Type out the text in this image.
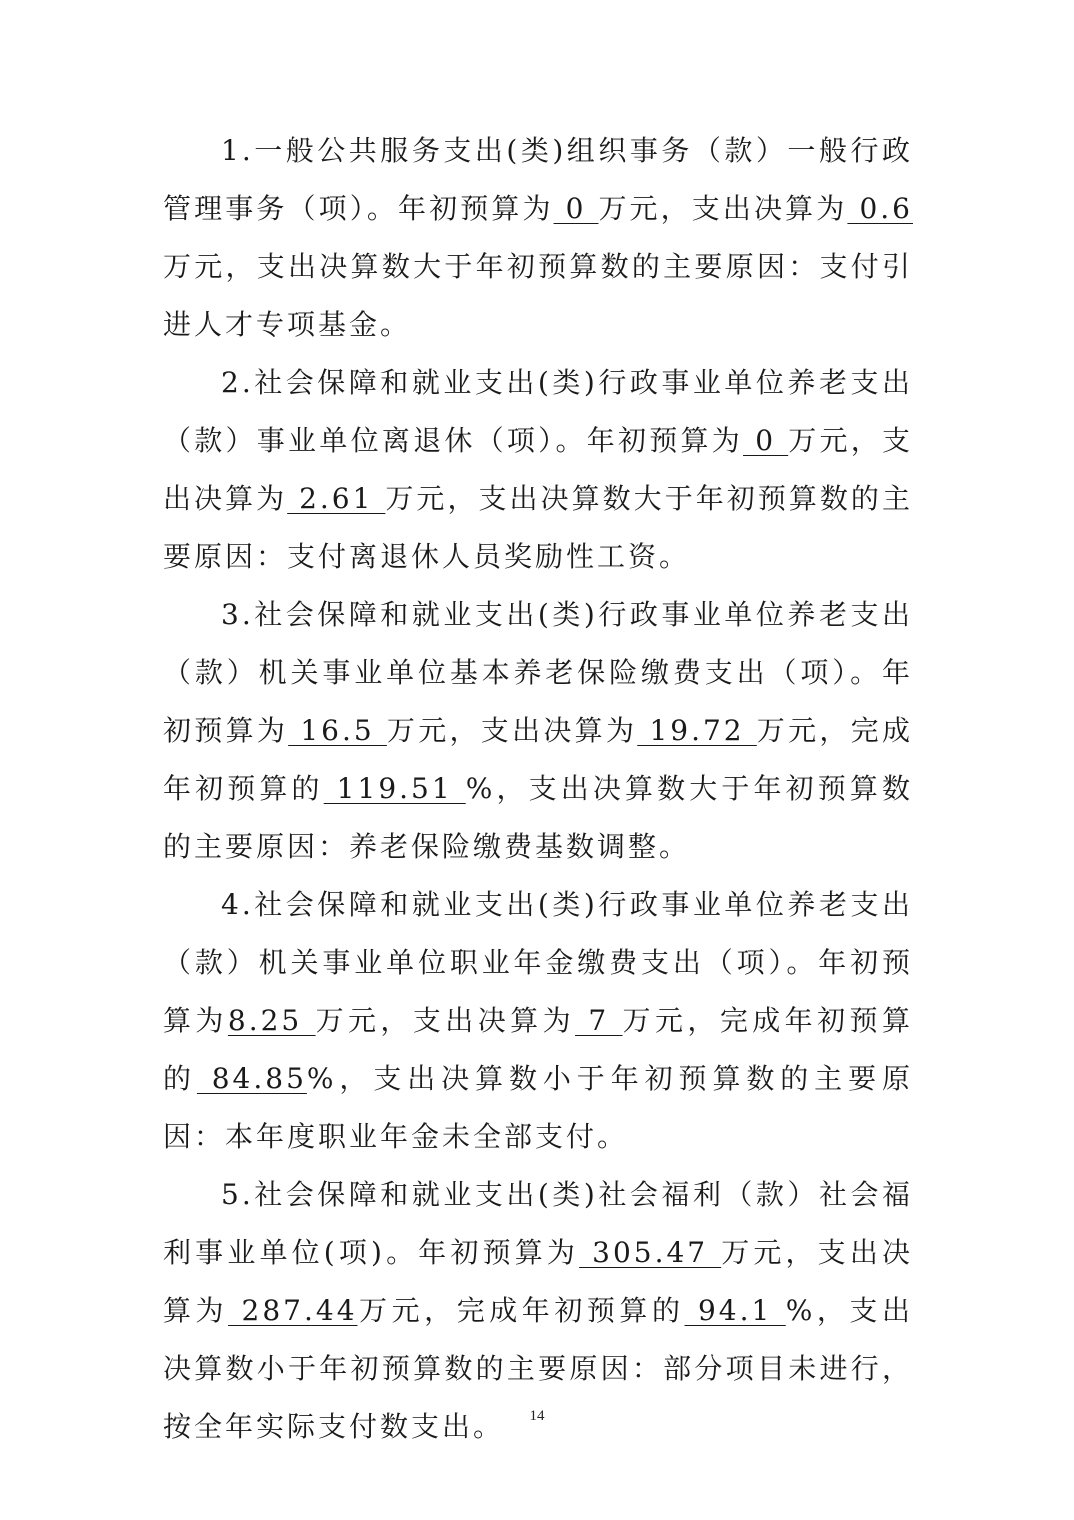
1.一般公共服务支出(类)组织事务（款）一般行政管理事务（项）。年初预算为 0 万元，支出决算为 0.6 万元，支出决算数大于年初预算数的主要原因：支付引进人才专项基金。

2.社会保障和就业支出(类)行政事业单位养老支出（款）事业单位离退休（项）。年初预算为 0 万元，支出决算为 2.61 万元，支出决算数大于年初预算数的主要原因：支付离退休人员奖励性工资。

3.社会保障和就业支出(类)行政事业单位养老支出（款）机关事业单位基本养老保险缴费支出（项）。年初预算为 16.5 万元，支出决算为 19.72 万元，完成年初预算的 119.51 %，支出决算数大于年初预算数的主要原因：养老保险缴费基数调整。

4.社会保障和就业支出(类)行政事业单位养老支出（款）机关事业单位职业年金缴费支出（项）。年初预算为8.25 万元，支出决算为 7 万元，完成年初预算的 84.85%，支出决算数小于年初预算数的主要原因：本年度职业年金未全部支付。

5.社会保障和就业支出(类)社会福利（款）社会福利事业单位(项)。年初预算为 305.47 万元，支出决算为 287.44万元，完成年初预算的 94.1 %，支出决算数小于年初预算数的主要原因：部分项目未进行，按全年实际支付数支出。	14
